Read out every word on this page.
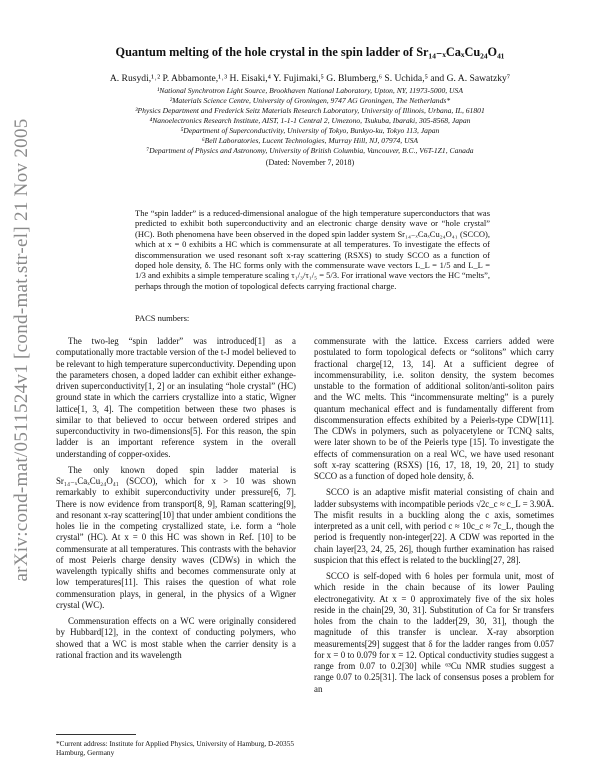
arXiv:cond-mat/0511524v1 [cond-mat.str-el] 21 Nov 2005
Quantum melting of the hole crystal in the spin ladder of Sr₁₄₋ₓCaₓCu₂₄O₄₁
A. Rusydi,¹˒² P. Abbamonte,¹˒³ H. Eisaki,⁴ Y. Fujimaki,⁵ G. Blumberg,⁶ S. Uchida,⁵ and G. A. Sawatzky⁷
¹National Synchrotron Light Source, Brookhaven National Laboratory, Upton, NY, 11973-5000, USA
²Materials Science Centre, University of Groningen, 9747 AG Groningen, The Netherlands*
³Physics Department and Frederick Seitz Materials Research Laboratory, University of Illinois, Urbana, IL, 61801
⁴Nanoelectronics Research Institute, AIST, 1-1-1 Central 2, Umezono, Tsukuba, Ibaraki, 305-8568, Japan
⁵Department of Superconductivity, University of Tokyo, Bunkyo-ku, Tokyo 113, Japan
⁶Bell Laboratories, Lucent Technologies, Murray Hill, NJ, 07974, USA
⁷Department of Physics and Astronomy, University of British Columbia, Vancouver, B.C., V6T-1Z1, Canada
(Dated: November 7, 2018)
The “spin ladder” is a reduced-dimensional analogue of the high temperature superconductors that was predicted to exhibit both superconductivity and an electronic charge density wave or “hole crystal” (HC). Both phenomena have been observed in the doped spin ladder system Sr₁₄₋ₓCaₓCu₂₄O₄₁ (SCCO), which at x = 0 exhibits a HC which is commensurate at all temperatures. To investigate the effects of discommensuration we used resonant soft x-ray scattering (RSXS) to study SCCO as a function of doped hole density, δ. The HC forms only with the commensurate wave vectors L_L = 1/5 and L_L = 1/3 and exhibits a simple temperature scaling τ₁/₃/τ₁/₅ = 5/3. For irrational wave vectors the HC “melts”, perhaps through the motion of topological defects carrying fractional charge.
PACS numbers:

The two-leg “spin ladder” was introduced[1] as a computationally more tractable version of the t-J model believed to be relevant to high temperature superconductivity. Depending upon the parameters chosen, a doped ladder can exhibit either exhange-driven superconductivity[1, 2] or an insulating “hole crystal” (HC) ground state in which the carriers crystallize into a static, Wigner lattice[1, 3, 4]. The competition between these two phases is similar to that believed to occur between ordered stripes and superconductivity in two-dimensions[5]. For this reason, the spin ladder is an important reference system in the overall understanding of copper-oxides.

The only known doped spin ladder material is Sr₁₄₋ₓCaₓCu₂₄O₄₁ (SCCO), which for x > 10 was shown remarkably to exhibit superconductivity under pressure[6, 7]. There is now evidence from transport[8, 9], Raman scattering[9], and resonant x-ray scattering[10] that under ambient conditions the holes lie in the competing crystallized state, i.e. form a “hole crystal” (HC). At x = 0 this HC was shown in Ref. [10] to be commensurate at all temperatures. This contrasts with the behavior of most Peierls charge density waves (CDWs) in which the wavelength typically shifts and becomes commensurate only at low temperatures[11]. This raises the question of what role commensuration plays, in general, in the physics of a Wigner crystal (WC).

Commensuration effects on a WC were originally considered by Hubbard[12], in the context of conducting polymers, who showed that a WC is most stable when the carrier density is a rational fraction and its wavelength

commensurate with the lattice. Excess carriers added were postulated to form topological defects or “solitons” which carry fractional charge[12, 13, 14]. At a sufficient degree of incommensurability, i.e. soliton density, the system becomes unstable to the formation of additional soliton/anti-soliton pairs and the WC melts. This “incommensurate melting” is a purely quantum mechanical effect and is fundamentally different from discommensuration effects exhibited by a Peierls-type CDW[11]. The CDWs in polymers, such as polyacetylene or TCNQ salts, were later shown to be of the Peierls type [15]. To investigate the effects of commensuration on a real WC, we have used resonant soft x-ray scattering (RSXS) [16, 17, 18, 19, 20, 21] to study SCCO as a function of doped hole density, δ.

SCCO is an adaptive misfit material consisting of chain and ladder subsystems with incompatible periods √2c_c ≈ c_L = 3.90Å. The misfit results in a buckling along the c axis, sometimes interpreted as a unit cell, with period c ≈ 10c_c ≈ 7c_L, though the period is frequently non-integer[22]. A CDW was reported in the chain layer[23, 24, 25, 26], though further examination has raised suspicion that this effect is related to the buckling[27, 28].

SCCO is self-doped with 6 holes per formula unit, most of which reside in the chain because of its lower Pauling electronegativity. At x = 0 approximately five of the six holes reside in the chain[29, 30, 31]. Substitution of Ca for Sr transfers holes from the chain to the ladder[29, 30, 31], though the magnitude of this transfer is unclear. X-ray absorption measurements[29] suggest that δ for the ladder ranges from 0.057 for x = 0 to 0.079 for x = 12. Optical conductivity studies suggest a range from 0.07 to 0.2[30] while ⁶³Cu NMR studies suggest a range 0.07 to 0.25[31]. The lack of consensus poses a problem for an

*Current address: Institute for Applied Physics, University of Hamburg, D-20355 Hamburg, Germany
